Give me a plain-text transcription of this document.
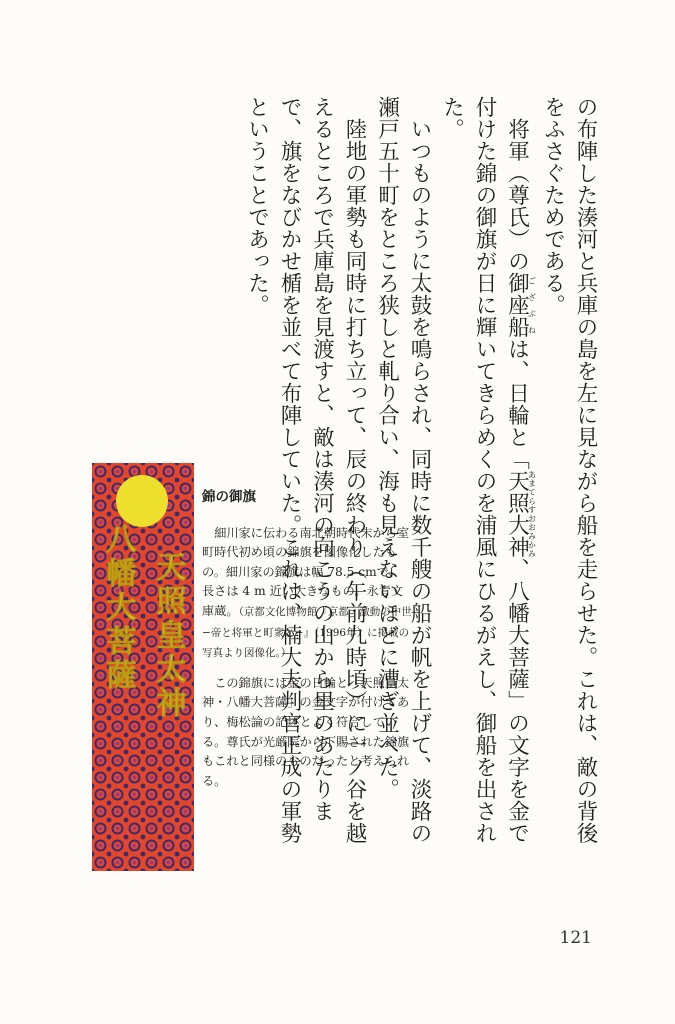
の布陣した湊河と兵庫の島を左に見ながら船を走らせた。これは、敵の背後をふさぐためである。
将軍（尊氏）の御座船ござぶねは、日輪と「天照大神あまてらすおおみかみ、八幡大菩薩」の文字を金で付けた錦の御旗が日に輝いてきらめくのを浦風にひるがえし、御船を出された。
いつものように太鼓を鳴らされ、同時に数千艘の船が帆を上げて、淡路の瀬戸五十町をところ狭しと軋り合い、海も見えないほどに漕ぎ並べた。
陸地の軍勢も同時に打ち立って、辰の終わり（午前九時頃）に一ノ谷を越えるところで兵庫島を見渡すと、敵は湊河の向こうの山から里のあたりまで、旗をなびかせ楯を並べて布陣していた。これは、楠大夫判官正成の軍勢ということであった。
天照皇太神
八幡大菩薩

錦の御旗

細川家に伝わる南北朝時代末から室町時代初め頃の錦旗を図像化したもの。細川家の錦旗は幅 78.5 cmで、長さは 4 m 近い大きなもの。永青文庫蔵。（京都文化博物館『京都・激動の中世 −帝と将軍と町衆と−』（1996年）に掲載の写真より図像化。）

この錦旗には金の日輪と「天照皇太神・八幡大菩薩」の金文字が付けてあり、梅松論の記述とよく符合している。尊氏が光厳院から下賜された錦旗もこれと同様のものだったと考えられる。

121
